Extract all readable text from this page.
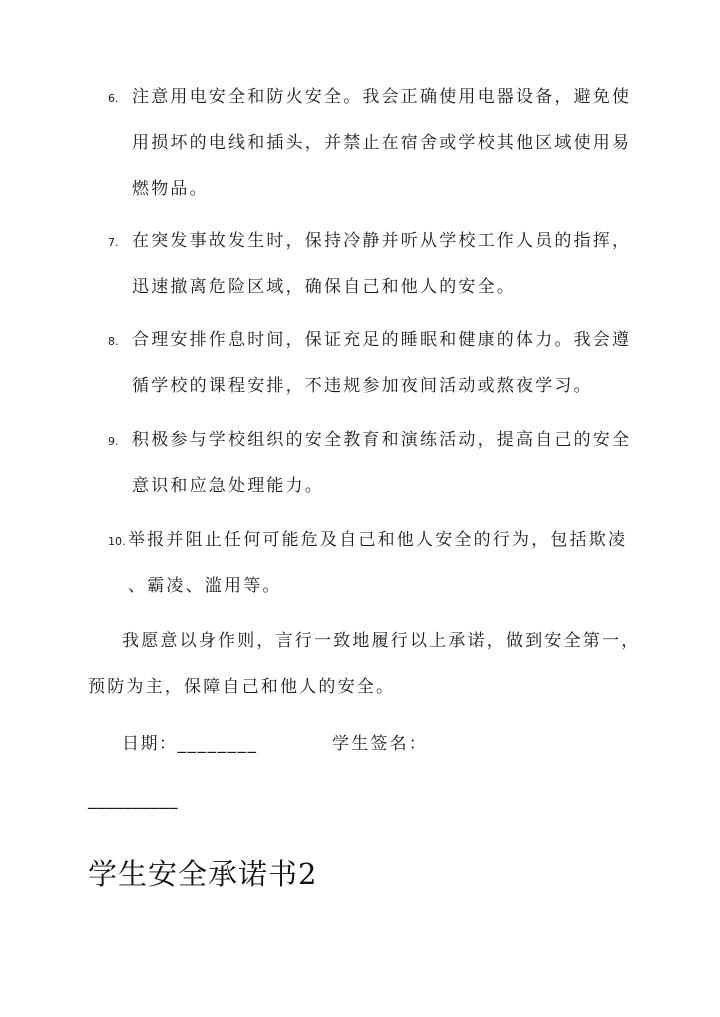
6. 注意用电安全和防火安全。我会正确使用电器设备，避免使
用损坏的电线和插头，并禁止在宿舍或学校其他区域使用易
燃物品。
7. 在突发事故发生时，保持冷静并听从学校工作人员的指挥，
迅速撤离危险区域，确保自己和他人的安全。
8. 合理安排作息时间，保证充足的睡眠和健康的体力。我会遵
循学校的课程安排，不违规参加夜间活动或熬夜学习。
9. 积极参与学校组织的安全教育和演练活动，提高自己的安全
意识和应急处理能力。
10. 举报并阻止任何可能危及自己和他人安全的行为，包括欺凌
、霸凌、滥用等。
我愿意以身作则，言行一致地履行以上承诺，做到安全第一，
预防为主，保障自己和他人的安全。
日期：________	学生签名：
__________
学生安全承诺书2
